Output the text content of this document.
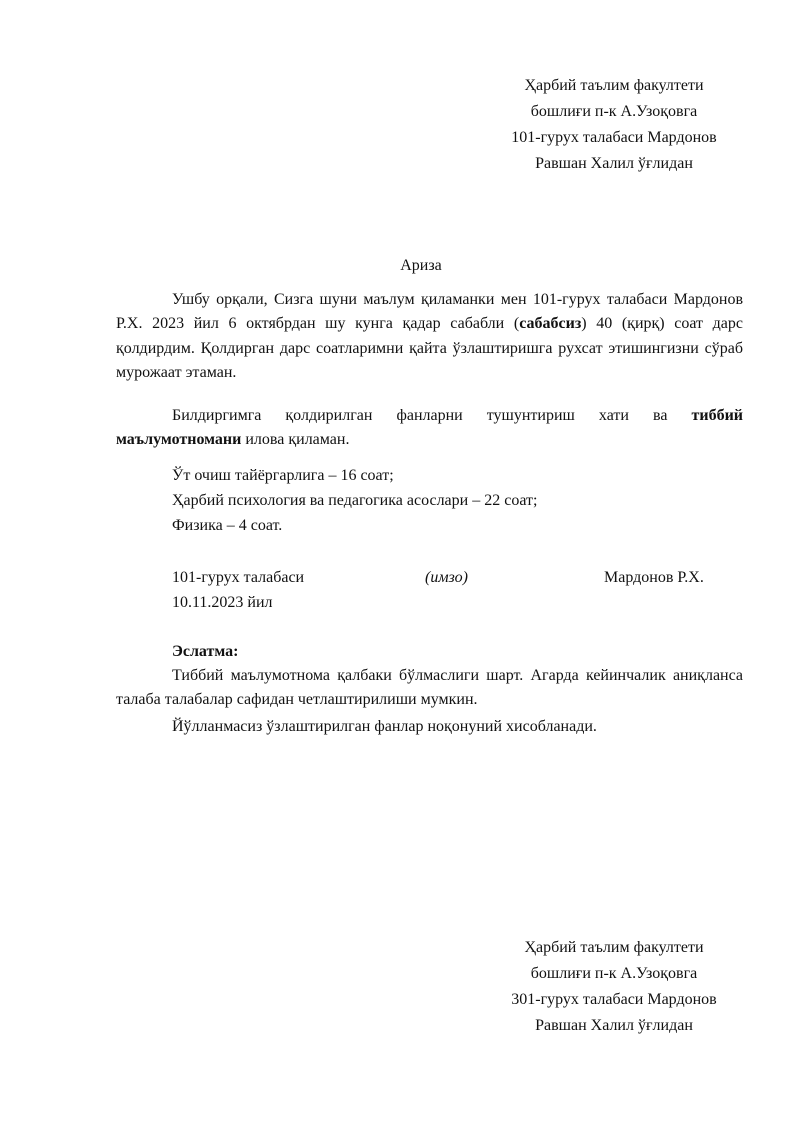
Ҳарбий таълим факултети
бошлиғи п-к А.Узоқовга
101-гурух талабаси Мардонов
Равшан Халил ўғлидан
Ариза
Ушбу орқали, Сизга шуни маълум қиламанки мен 101-гурух талабаси Мардонов Р.Х. 2023 йил 6 октябрдан шу кунга қадар сабабли (сабабсиз) 40 (қирқ) соат дарс қолдирдим. Қолдирган дарс соатларимни қайта ўзлаштиришга рухсат этишингизни сўраб мурожаат этаман.
Билдиргимга қолдирилган фанларни тушунтириш хати ва тиббий маълумотномани илова қиламан.
Ўт очиш тайёргарлига – 16 соат;
Ҳарбий психология ва педагогика асослари – 22 соат;
Физика – 4 соат.
101-гурух талабаси	(имзо)	Мардонов Р.Х.
10.11.2023 йил
Эслатма:
Тиббий маълумотнома қалбаки бўлмаслиги шарт. Агарда кейинчалик аниқланса талаба талабалар сафидан четлаштирилиши мумкин.
Йўлланмасиз ўзлаштирилган фанлар ноқонуний хисобланади.
Ҳарбий таълим факултети
бошлиғи п-к А.Узоқовга
301-гурух талабаси Мардонов
Равшан Халил ўғлидан
